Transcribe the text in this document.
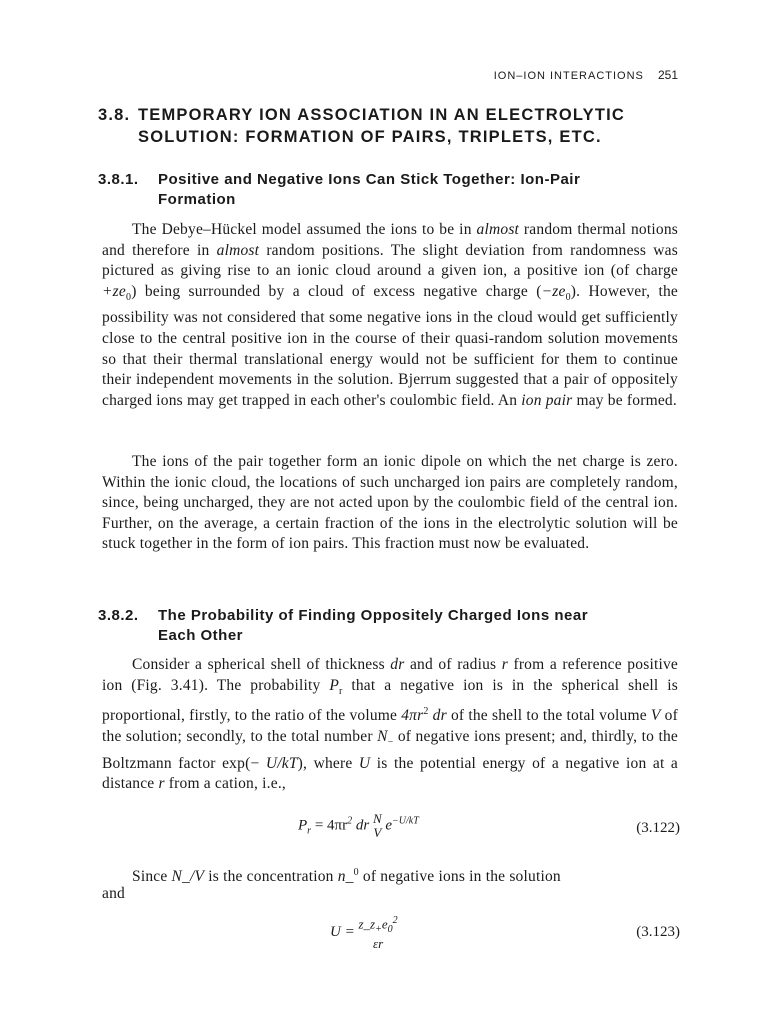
ION–ION INTERACTIONS 251
3.8. TEMPORARY ION ASSOCIATION IN AN ELECTROLYTIC
SOLUTION: FORMATION OF PAIRS, TRIPLETS, ETC.
3.8.1. Positive and Negative Ions Can Stick Together: Ion-Pair
Formation

The Debye–Hückel model assumed the ions to be in almost random thermal notions and therefore in almost random positions. The slight deviation from randomness was pictured as giving rise to an ionic cloud around a given ion, a positive ion (of charge $+ze_0$) being surrounded by a cloud of excess negative charge $(-ze_0)$. However, the possibility was not considered that some negative ions in the cloud would get sufficiently close to the central positive ion in the course of their quasi-random solution movements so that their thermal translational energy would not be sufficient for them to continue their independent movements in the solution. Bjerrum suggested that a pair of oppositely charged ions may get trapped in each other's coulombic field. An ion pair may be formed.

The ions of the pair together form an ionic dipole on which the net charge is zero. Within the ionic cloud, the locations of such uncharged ion pairs are completely random, since, being uncharged, they are not acted upon by the coulombic field of the central ion. Further, on the average, a certain fraction of the ions in the electrolytic solution will be stuck together in the form of ion pairs. This fraction must now be evaluated.

3.8.2. The Probability of Finding Oppositely Charged Ions near
Each Other

Consider a spherical shell of thickness dr and of radius r from a reference positive ion (Fig. 3.41). The probability $P_r$ that a negative ion is in the spherical shell is proportional, firstly, to the ratio of the volume $4\pi r^2$ dr of the shell to the total volume V of the solution; secondly, to the total number $N_-$ of negative ions present; and, thirdly, to the Boltzmann factor exp(− U/kT), where U is the potential energy of a negative ion at a distance r from a cation, i.e.,

$P_r = 4\pi r^2$ dr N
V $e^{-U/kT}$	(3.122)

Since N_/V is the concentration n_$^0$ of negative ions in the solution

and

U =
$z\_z_+e_0^2$
εr
(3.123)
